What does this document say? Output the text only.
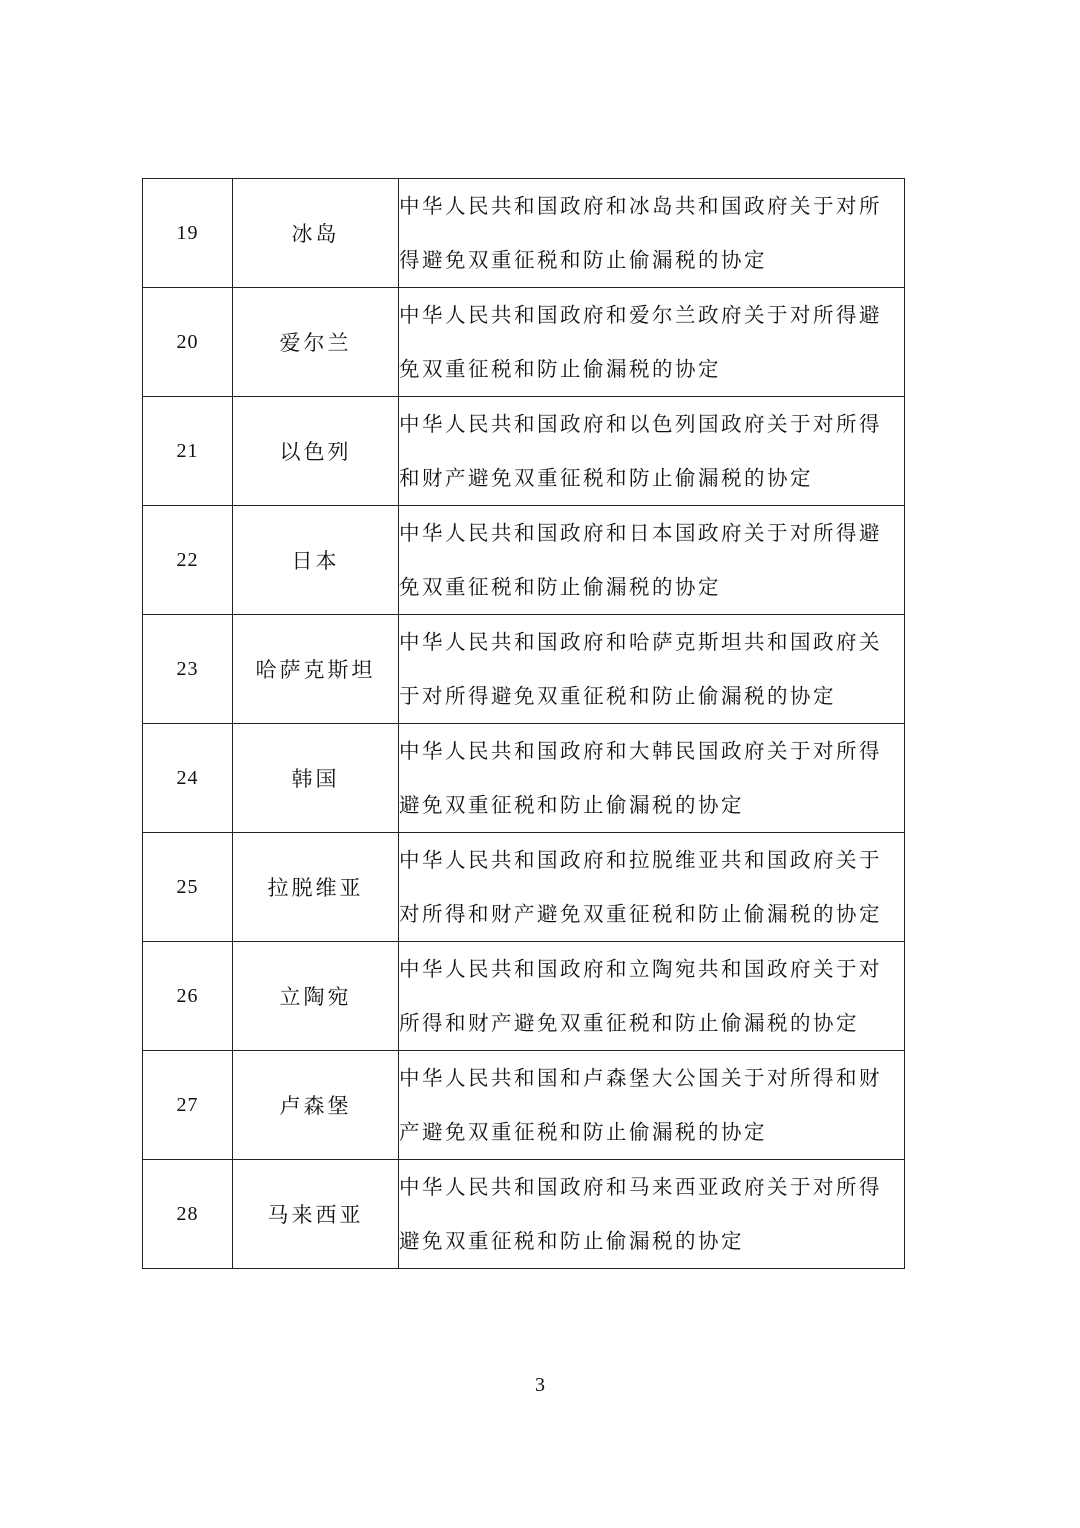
19	冰岛	中华人民共和国政府和冰岛共和国政府关于对所得避免双重征税和防止偷漏税的协定
20	爱尔兰	中华人民共和国政府和爱尔兰政府关于对所得避免双重征税和防止偷漏税的协定
21	以色列	中华人民共和国政府和以色列国政府关于对所得和财产避免双重征税和防止偷漏税的协定
22	日本	中华人民共和国政府和日本国政府关于对所得避免双重征税和防止偷漏税的协定
23	哈萨克斯坦	中华人民共和国政府和哈萨克斯坦共和国政府关于对所得避免双重征税和防止偷漏税的协定
24	韩国	中华人民共和国政府和大韩民国政府关于对所得避免双重征税和防止偷漏税的协定
25	拉脱维亚	中华人民共和国政府和拉脱维亚共和国政府关于对所得和财产避免双重征税和防止偷漏税的协定
26	立陶宛	中华人民共和国政府和立陶宛共和国政府关于对所得和财产避免双重征税和防止偷漏税的协定
27	卢森堡	中华人民共和国和卢森堡大公国关于对所得和财产避免双重征税和防止偷漏税的协定
28	马来西亚	中华人民共和国政府和马来西亚政府关于对所得避免双重征税和防止偷漏税的协定
3
